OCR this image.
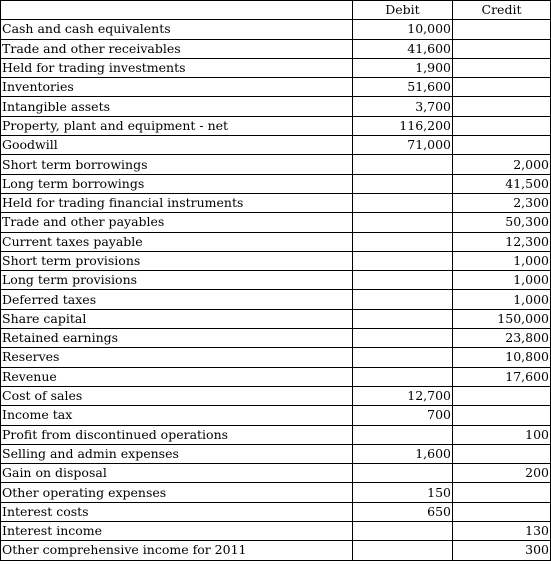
	Debit	Credit
Cash and cash equivalents	10,000	
Trade and other receivables	41,600	
Held for trading investments	1,900	
Inventories	51,600	
Intangible assets	3,700	
Property, plant and equipment - net	116,200	
Goodwill	71,000	
Short term borrowings		2,000
Long term borrowings		41,500
Held for trading financial instruments		2,300
Trade and other payables		50,300
Current taxes payable		12,300
Short term provisions		1,000
Long term provisions		1,000
Deferred taxes		1,000
Share capital		150,000
Retained earnings		23,800
Reserves		10,800
Revenue		17,600
Cost of sales	12,700	
Income tax	700	
Profit from discontinued operations		100
Selling and admin expenses	1,600	
Gain on disposal		200
Other operating expenses	150	
Interest costs	650	
Interest income		130
Other comprehensive income for 2011		300
